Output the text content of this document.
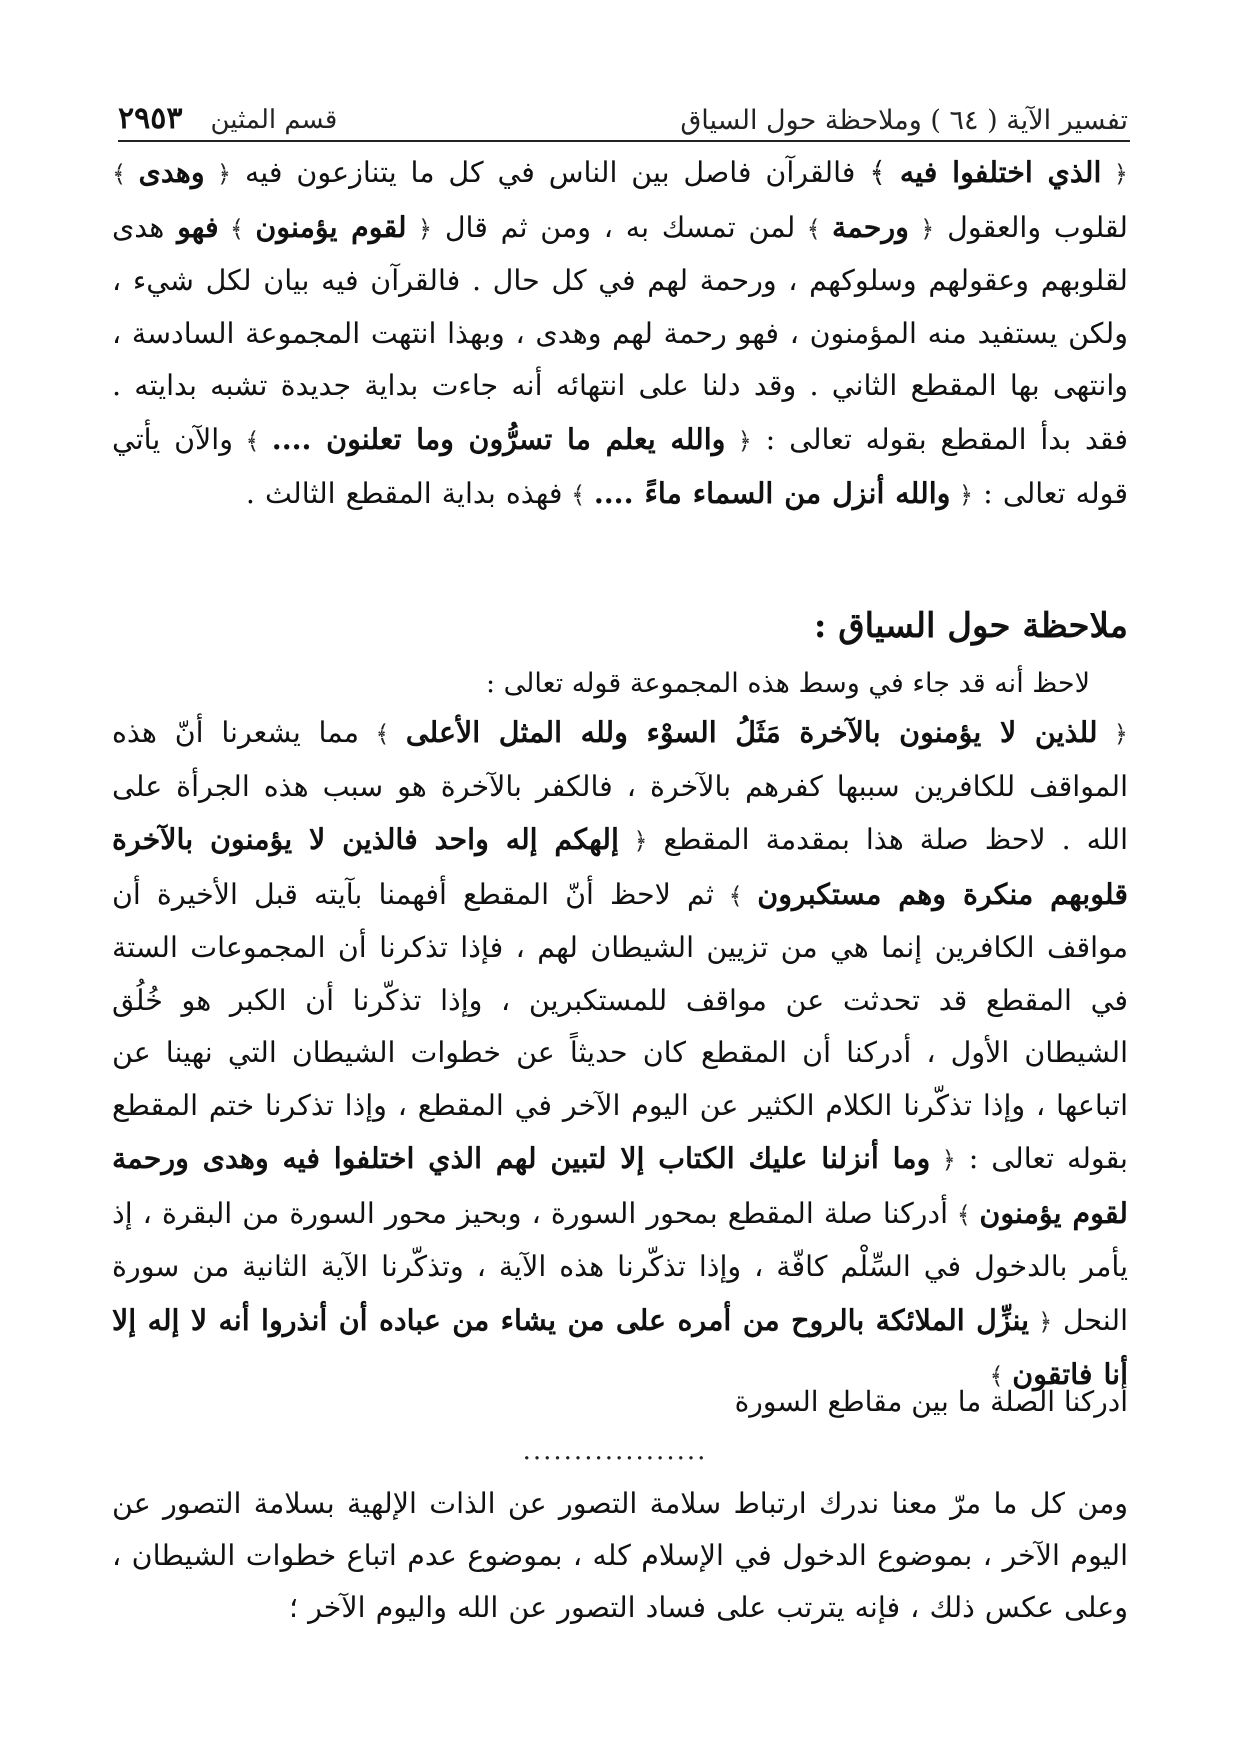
تفسير الآية ( ٦٤ ) وملاحظة حول السياق
قسم المثين
٢٩٥٣
﴿ الذي اختلفوا فيه ﴾ فالقرآن فاصل بين الناس في كل ما يتنازعون فيه ﴿ وهدى ﴾ لقلوب والعقول ﴿ ورحمة ﴾ لمن تمسك به ، ومن ثم قال ﴿ لقوم يؤمنون ﴾ فهو هدى لقلوبهم وعقولهم وسلوكهم ، ورحمة لهم في كل حال . فالقرآن فيه بيان لكل شيء ، ولكن يستفيد منه المؤمنون ، فهو رحمة لهم وهدى ، وبهذا انتهت المجموعة السادسة ، وانتهى بها المقطع الثاني . وقد دلنا على انتهائه أنه جاءت بداية جديدة تشبه بدايته . فقد بدأ المقطع بقوله تعالى : ﴿ والله يعلم ما تسرُّون وما تعلنون .... ﴾ والآن يأتي قوله تعالى : ﴿ والله أنزل من السماء ماءً .... ﴾ فهذه بداية المقطع الثالث .
ملاحظة حول السياق :
لاحظ أنه قد جاء في وسط هذه المجموعة قوله تعالى :
﴿ للذين لا يؤمنون بالآخرة مَثَلُ السوْء ولله المثل الأعلى ﴾ مما يشعرنا أنّ هذه المواقف للكافرين سببها كفرهم بالآخرة ، فالكفر بالآخرة هو سبب هذه الجرأة على الله . لاحظ صلة هذا بمقدمة المقطع ﴿ إلهكم إله واحد فالذين لا يؤمنون بالآخرة قلوبهم منكرة وهم مستكبرون ﴾ ثم لاحظ أنّ المقطع أفهمنا بآيته قبل الأخيرة أن مواقف الكافرين إنما هي من تزيين الشيطان لهم ، فإذا تذكرنا أن المجموعات الستة في المقطع قد تحدثت عن مواقف للمستكبرين ، وإذا تذكّرنا أن الكبر هو خُلُق الشيطان الأول ، أدركنا أن المقطع كان حديثاً عن خطوات الشيطان التي نهينا عن اتباعها ، وإذا تذكّرنا الكلام الكثير عن اليوم الآخر في المقطع ، وإذا تذكرنا ختم المقطع بقوله تعالى : ﴿ وما أنزلنا عليك الكتاب إلا لتبين لهم الذي اختلفوا فيه وهدى ورحمة لقوم يؤمنون ﴾ أدركنا صلة المقطع بمحور السورة ، وبحيز محور السورة من البقرة ، إذ يأمر بالدخول في السِّلْم كافّة ، وإذا تذكّرنا هذه الآية ، وتذكّرنا الآية الثانية من سورة النحل ﴿ ينزِّل الملائكة بالروح من أمره على من يشاء من عباده أن أنذروا أنه لا إله إلا أنا فاتقون ﴾
أدركنا الصلة ما بين مقاطع السورة
..................
ومن كل ما مرّ معنا ندرك ارتباط سلامة التصور عن الذات الإلهية بسلامة التصور عن اليوم الآخر ، بموضوع الدخول في الإسلام كله ، بموضوع عدم اتباع خطوات الشيطان ، وعلى عكس ذلك ، فإنه يترتب على فساد التصور عن الله واليوم الآخر ؛
